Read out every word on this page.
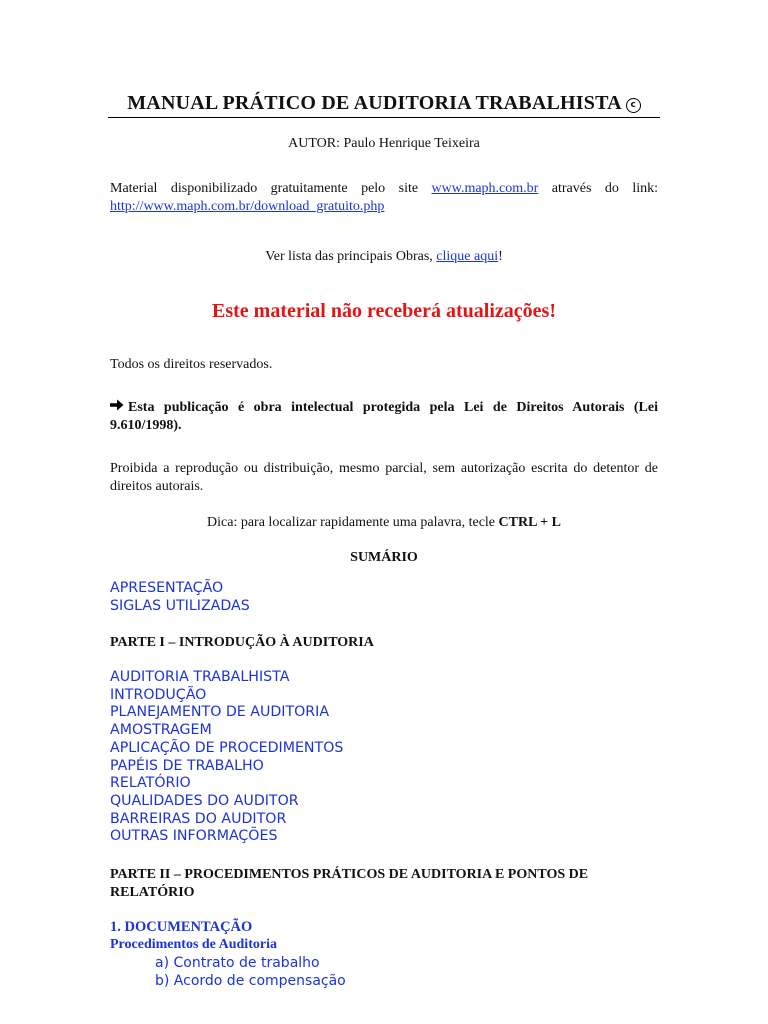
MANUAL PRÁTICO DE AUDITORIA TRABALHISTA c
AUTOR: Paulo Henrique Teixeira
Material disponibilizado gratuitamente pelo site www.maph.com.br através do link: http://www.maph.com.br/download_gratuito.php
Ver lista das principais Obras, clique aqui!
Este material não receberá atualizações!
Todos os direitos reservados.
Esta publicação é obra intelectual protegida pela Lei de Direitos Autorais (Lei 9.610/1998).
Proibida a reprodução ou distribuição, mesmo parcial, sem autorização escrita do detentor de direitos autorais.
Dica: para localizar rapidamente uma palavra, tecle CTRL + L
SUMÁRIO
APRESENTAÇÃO
SIGLAS UTILIZADAS
PARTE I – INTRODUÇÃO À AUDITORIA
AUDITORIA TRABALHISTA
INTRODUÇÃO
PLANEJAMENTO DE AUDITORIA
AMOSTRAGEM
APLICAÇÃO DE PROCEDIMENTOS
PAPÉIS DE TRABALHO
RELATÓRIO
QUALIDADES DO AUDITOR
BARREIRAS DO AUDITOR
OUTRAS INFORMAÇÕES
PARTE II – PROCEDIMENTOS PRÁTICOS DE AUDITORIA E PONTOS DE RELATÓRIO
1. DOCUMENTAÇÃO
Procedimentos de Auditoria
a) Contrato de trabalho
b) Acordo de compensação
